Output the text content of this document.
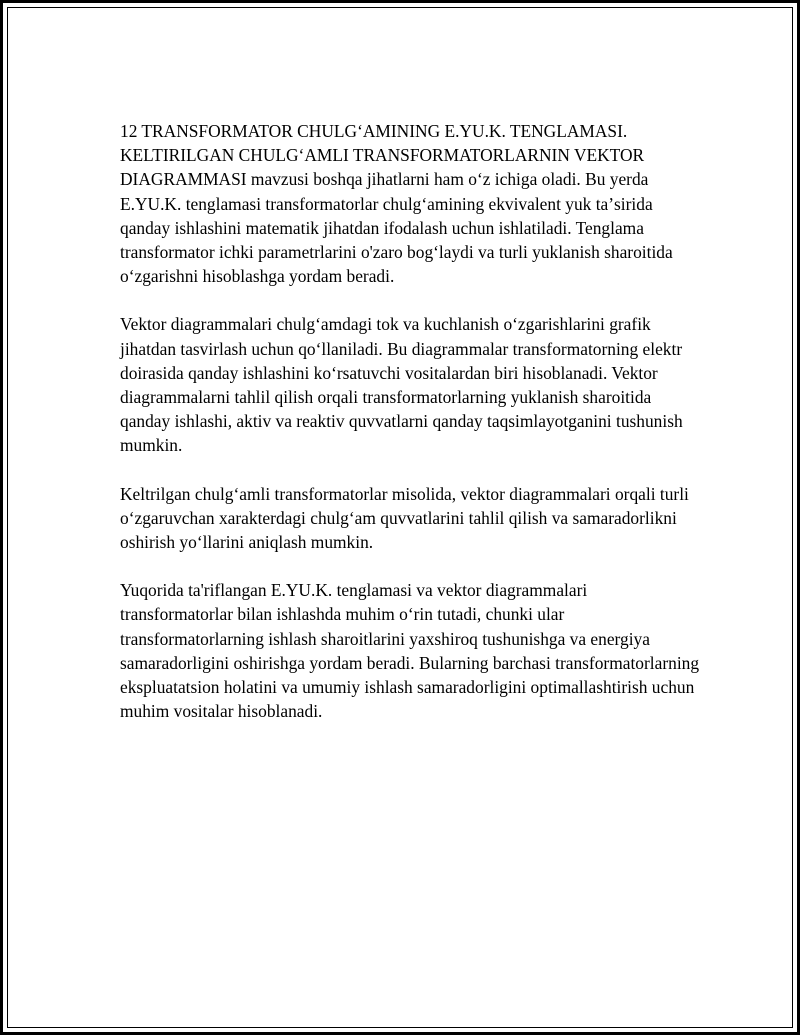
12 TRANSFORMATOR CHULGʻAMINING E.YU.K. TENGLAMASI. KELTIRILGAN CHULGʻAMLI TRANSFORMATORLARNIN VEKTOR DIAGRAMMASI mavzusi boshqa jihatlarni ham oʻz ichiga oladi. Bu yerda E.YU.K. tenglamasi transformatorlar chulgʻamining ekvivalent yuk taʼsirida qanday ishlashini matematik jihatdan ifodalash uchun ishlatiladi. Tenglama transformator ichki parametrlarini o'zaro bogʻlaydi va turli yuklanish sharoitida oʻzgarishni hisoblashga yordam beradi.

Vektor diagrammalari chulgʻamdagi tok va kuchlanish oʻzgarishlarini grafik jihatdan tasvirlash uchun qoʻllaniladi. Bu diagrammalar transformatorning elektr doirasida qanday ishlashini koʻrsatuvchi vositalardan biri hisoblanadi. Vektor diagrammalarni tahlil qilish orqali transformatorlarning yuklanish sharoitida qanday ishlashi, aktiv va reaktiv quvvatlarni qanday taqsimlayotganini tushunish mumkin.

Keltrilgan chulgʻamli transformatorlar misolida, vektor diagrammalari orqali turli oʻzgaruvchan xarakterdagi chulgʻam quvvatlarini tahlil qilish va samaradorlikni oshirish yoʻllarini aniqlash mumkin.

Yuqorida ta'riflangan E.YU.K. tenglamasi va vektor diagrammalari transformatorlar bilan ishlashda muhim oʻrin tutadi, chunki ular transformatorlarning ishlash sharoitlarini yaxshiroq tushunishga va energiya samaradorligini oshirishga yordam beradi. Bularning barchasi transformatorlarning ekspluatatsion holatini va umumiy ishlash samaradorligini optimallashtirish uchun muhim vositalar hisoblanadi.
